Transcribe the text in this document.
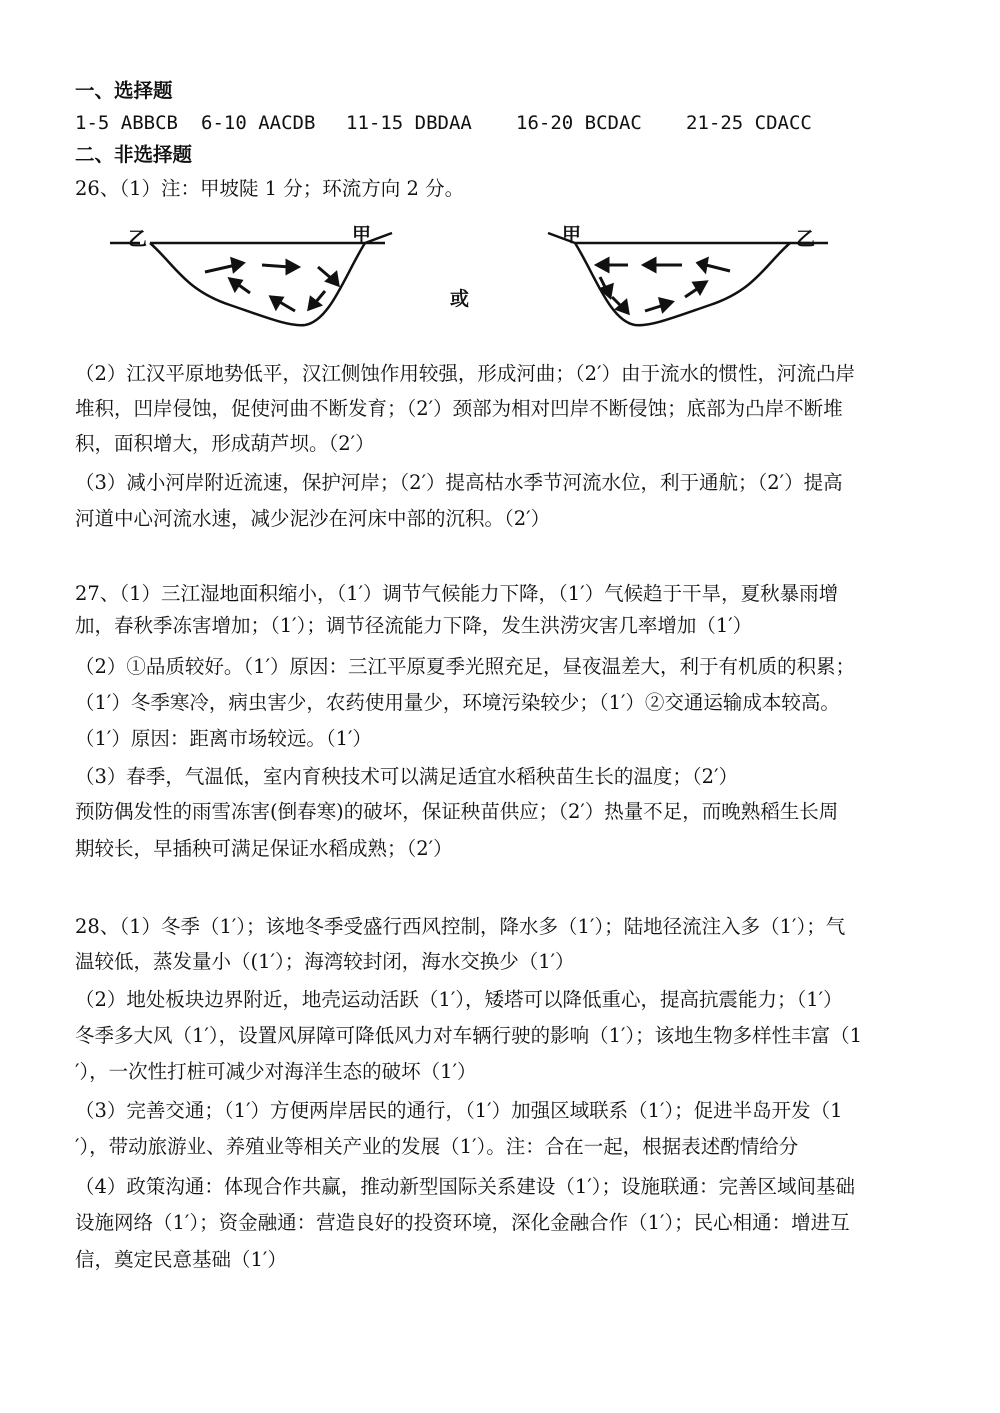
一、选择题
1-5 ABBCB 6-10 AACDB 11-15 DBDAA 16-20 BCDAC 21-25 CDACC
二、非选择题
26、（1）注：甲坡陡 1 分；环流方向 2 分。
乙	甲
或
甲	乙
（2）江汉平原地势低平，汉江侧蚀作用较强，形成河曲；（2′）由于流水的惯性，河流凸岸
堆积，凹岸侵蚀，促使河曲不断发育；（2′）颈部为相对凹岸不断侵蚀；底部为凸岸不断堆
积，面积增大，形成葫芦坝。（2′）
（3）减小河岸附近流速，保护河岸；（2′）提高枯水季节河流水位，利于通航；（2′）提高
河道中心河流水速，减少泥沙在河床中部的沉积。（2′）
27、（1）三江湿地面积缩小，（1′）调节气候能力下降，（1′）气候趋于干旱，夏秋暴雨增
加，春秋季冻害增加；（1′）；调节径流能力下降，发生洪涝灾害几率增加（1′）
（2）①品质较好。（1′）原因：三江平原夏季光照充足，昼夜温差大，利于有机质的积累；
（1′）冬季寒冷，病虫害少，农药使用量少，环境污染较少；（1′）②交通运输成本较高。
（1′）原因：距离市场较远。（1′）
（3）春季，气温低，室内育秧技术可以满足适宜水稻秧苗生长的温度；（2′）
预防偶发性的雨雪冻害(倒春寒)的破坏，保证秧苗供应；（2′）热量不足，而晚熟稻生长周
期较长，早插秧可满足保证水稻成熟；（2′）
28、（1）冬季（1′）；该地冬季受盛行西风控制，降水多（1′）；陆地径流注入多（1′）；气
温较低，蒸发量小（(1′）；海湾较封闭，海水交换少（1′）
（2）地处板块边界附近，地壳运动活跃（1′），矮塔可以降低重心，提高抗震能力；（1′）
冬季多大风（1′），设置风屏障可降低风力对车辆行驶的影响（1′）；该地生物多样性丰富（1
′），一次性打桩可减少对海洋生态的破坏（1′）
（3）完善交通；（1′）方便两岸居民的通行，（1′）加强区域联系（1′）；促进半岛开发（1
′），带动旅游业、养殖业等相关产业的发展（1′）。注：合在一起，根据表述酌情给分
（4）政策沟通：体现合作共赢，推动新型国际关系建设（1′）；设施联通：完善区域间基础
设施网络（1′）；资金融通：营造良好的投资环境，深化金融合作（1′）；民心相通：增进互
信，奠定民意基础（1′）
